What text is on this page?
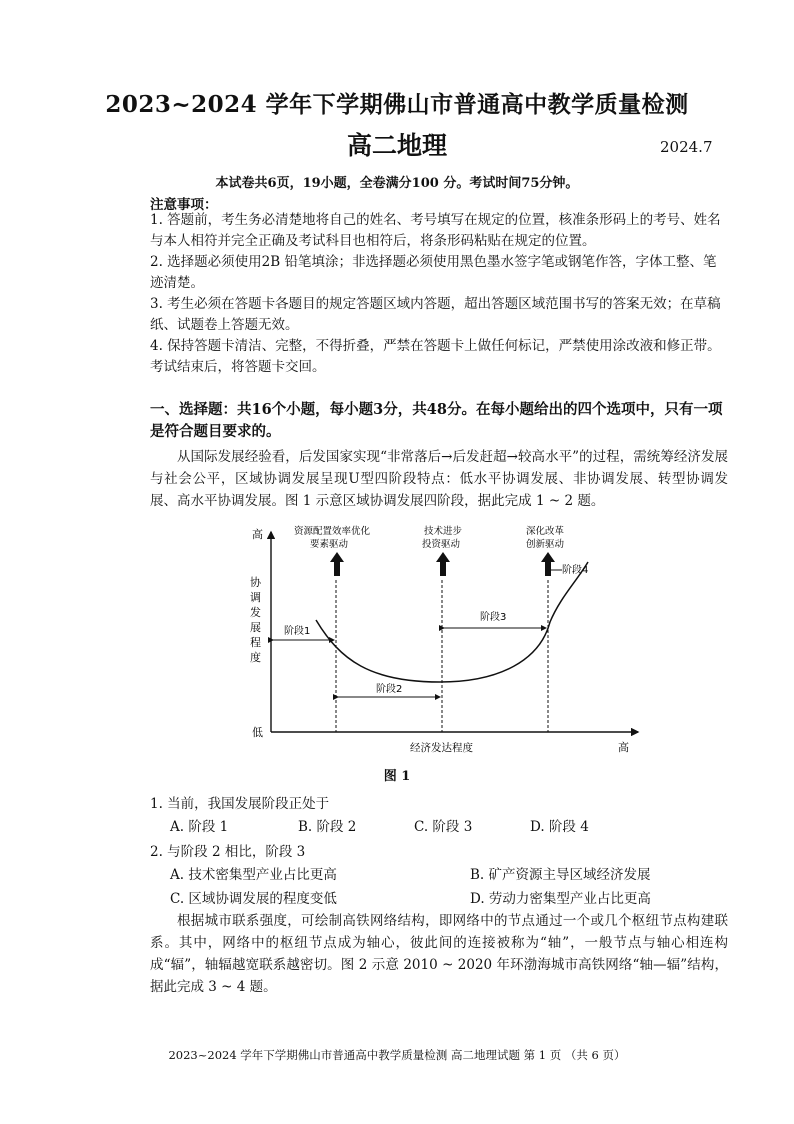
2023~2024 学年下学期佛山市普通高中教学质量检测
高二地理	2024.7
本试卷共6页，19小题，全卷满分100 分。考试时间75分钟。
注意事项：
1. 答题前，考生务必清楚地将自己的姓名、考号填写在规定的位置，核准条形码上的考号、姓名与本人相符并完全正确及考试科目也相符后，将条形码粘贴在规定的位置。
2. 选择题必须使用2B 铅笔填涂；非选择题必须使用黑色墨水签字笔或钢笔作答，字体工整、笔迹清楚。
3. 考生必须在答题卡各题目的规定答题区域内答题，超出答题区域范围书写的答案无效；在草稿纸、试题卷上答题无效。
4. 保持答题卡清洁、完整，不得折叠，严禁在答题卡上做任何标记，严禁使用涂改液和修正带。考试结束后，将答题卡交回。
一、选择题：共16个小题，每小题3分，共48分。在每小题给出的四个选项中，只有一项是符合题目要求的。
从国际发展经验看，后发国家实现“非常落后→后发赶超→较高水平”的过程，需统筹经济发展与社会公平，区域协调发展呈现U型四阶段特点：低水平协调发展、非协调发展、转型协调发展、高水平协调发展。图 1 示意区域协调发展四阶段，据此完成 1 ~ 2 题。
高
低
协
调
发
展
程
度
经济发达程度	高
资源配置效率优化
要素驱动
技术进步
投资驱动
深化改革
创新驱动
阶段1
阶段2
阶段3
阶段4
图 1
1. 当前，我国发展阶段正处于
A. 阶段 1	B. 阶段 2	C. 阶段 3	D. 阶段 4
2. 与阶段 2 相比，阶段 3
A. 技术密集型产业占比更高	B. 矿产资源主导区域经济发展
C. 区域协调发展的程度变低	D. 劳动力密集型产业占比更高
根据城市联系强度，可绘制高铁网络结构，即网络中的节点通过一个或几个枢纽节点构建联系。其中，网络中的枢纽节点成为轴心，彼此间的连接被称为“轴”，一般节点与轴心相连构成“辐”，轴辐越宽联系越密切。图 2 示意 2010 ~ 2020 年环渤海城市高铁网络“轴—辐”结构，据此完成 3 ~ 4 题。
2023~2024 学年下学期佛山市普通高中教学质量检测 高二地理试题 第 1 页 （共 6 页）
